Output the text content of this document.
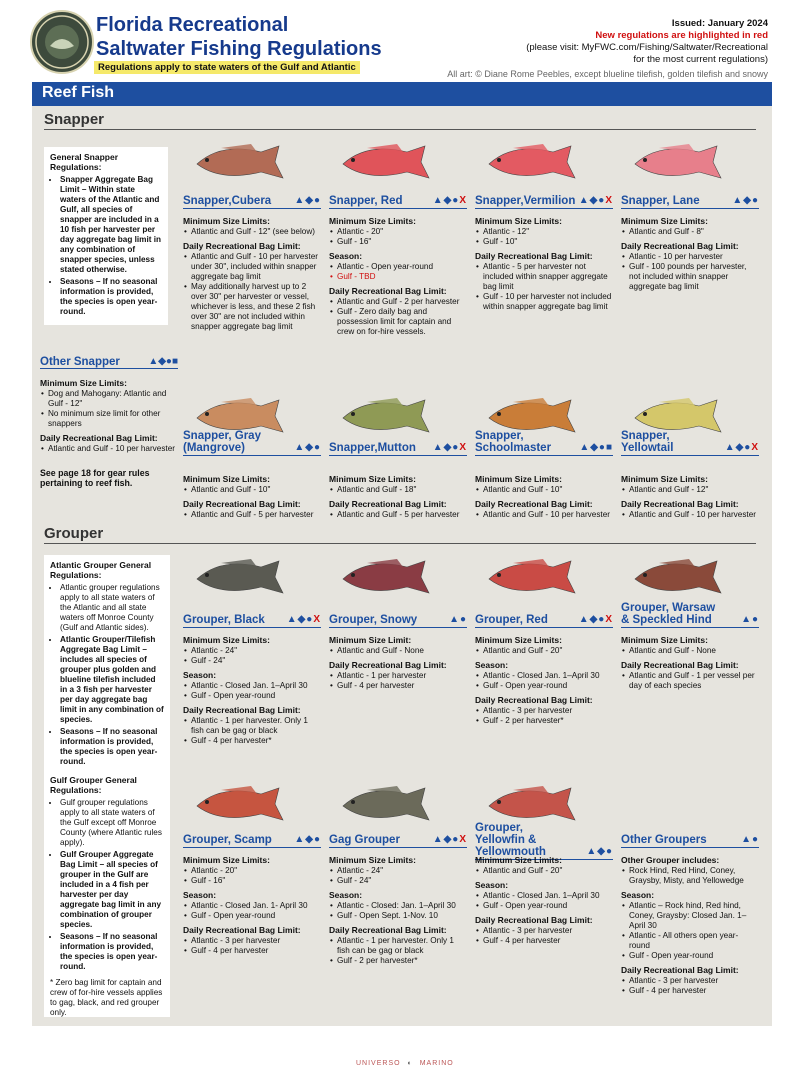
Florida Recreational
Saltwater Fishing Regulations
Regulations apply to state waters of the Gulf and Atlantic
Issued: January 2024
New regulations are highlighted in red
(please visit: MyFWC.com/Fishing/Saltwater/Recreational
for the most current regulations)
All art: © Diane Rome Peebles, except blueline tilefish, golden tilefish and snowy
Reef Fish
Snapper
General Snapper Regulations:
• Snapper Aggregate Bag Limit – Within state waters of the Atlantic and Gulf, all species of snapper are included in a 10 fish per harvester per day aggregate bag limit in any combination of snapper species, unless stated otherwise.
• Seasons – If no seasonal information is provided, the species is open year-round.
Other Snapper	▲◆●■
Minimum Size Limits:
• Dog and Mahogany: Atlantic and Gulf - 12"
• No minimum size limit for other snappers
Daily Recreational Bag Limit:
• Atlantic and Gulf - 10 per harvester
See page 18 for gear rules pertaining to reef fish.
Grouper
Atlantic Grouper General Regulations:
• Atlantic grouper regulations apply to all state waters of the Atlantic and all state waters off Monroe County (Gulf and Atlantic sides).
• Atlantic Grouper/Tilefish Aggregate Bag Limit – includes all species of grouper plus golden and blueline tilefish included in a 3 fish per harvester per day aggregate bag limit in any combination of species.
• Seasons – If no seasonal information is provided, the species is open year-round.
Gulf Grouper General Regulations:
• Gulf grouper regulations apply to all state waters of the Gulf except off Monroe County (where Atlantic rules apply).
• Gulf Grouper Aggregate Bag Limit – all species of grouper in the Gulf are included in a 4 fish per harvester per day aggregate bag limit in any combination of grouper species.
• Seasons – If no seasonal information is provided, the species is open year-round.
* Zero bag limit for captain and crew of for-hire vessels applies to gag, black, and red grouper only.
Snapper,Cubera ▲◆●
Minimum Size Limits:
• Atlantic and Gulf - 12" (see below)
Daily Recreational Bag Limit:
• Atlantic and Gulf - 10 per harvester under 30", included within snapper aggregate bag limit
• May additionally harvest up to 2 over 30" per harvester or vessel, whichever is less, and these 2 fish over 30" are not included within snapper aggregate bag limit
Snapper, Red	▲◆●X
Minimum Size Limits:
• Atlantic - 20"
• Gulf - 16"
Season:
• Atlantic - Open year-round
• Gulf - TBD
Daily Recreational Bag Limit:
• Atlantic and Gulf - 2 per harvester
• Gulf - Zero daily bag and possession limit for captain and crew on for-hire vessels.
Snapper,Vermilion ▲◆●X
Minimum Size Limits:
• Atlantic - 12"
• Gulf - 10"
Daily Recreational Bag Limit:
• Atlantic - 5 per harvester not included within snapper aggregate bag limit
• Gulf - 10 per harvester not included within snapper aggregate bag limit
Snapper, Lane	▲◆●
Minimum Size Limits:
• Atlantic and Gulf - 8"
Daily Recreational Bag Limit:
• Atlantic - 10 per harvester
• Gulf - 100 pounds per harvester, not included within snapper aggregate bag limit
Snapper, Gray (Mangrove)	▲◆●
Minimum Size Limits:
• Atlantic and Gulf - 10"
Daily Recreational Bag Limit:
• Atlantic and Gulf - 5 per harvester
Snapper,Mutton ▲◆●X
Minimum Size Limits:
• Atlantic and Gulf - 18"
Daily Recreational Bag Limit:
• Atlantic and Gulf - 5 per harvester
Snapper, Schoolmaster	▲◆●■
Minimum Size Limits:
• Atlantic and Gulf - 10"
Daily Recreational Bag Limit:
• Atlantic and Gulf - 10 per harvester
Snapper, Yellowtail	▲◆●X
Minimum Size Limits:
• Atlantic and Gulf - 12"
Daily Recreational Bag Limit:
• Atlantic and Gulf - 10 per harvester
Grouper, Black ▲◆●X
Minimum Size Limits:
• Atlantic - 24"
• Gulf - 24"
Season:
• Atlantic - Closed Jan. 1–April 30
• Gulf - Open year-round
Daily Recreational Bag Limit:
• Atlantic - 1 per harvester. Only 1 fish can be gag or black
• Gulf - 4 per harvester*
Grouper, Snowy	▲●
Minimum Size Limit:
• Atlantic and Gulf - None
Daily Recreational Bag Limit:
• Atlantic - 1 per harvester
• Gulf - 4 per harvester
Grouper, Red	▲◆●X
Minimum Size Limits:
• Atlantic and Gulf - 20"
Season:
• Atlantic - Closed Jan. 1–April 30
• Gulf - Open year-round
Daily Recreational Bag Limit:
• Atlantic - 3 per harvester
• Gulf - 2 per harvester*
Grouper, Warsaw & Speckled Hind	▲●
Minimum Size Limits:
• Atlantic and Gulf - None
Daily Recreational Bag Limit:
• Atlantic and Gulf - 1 per vessel per day of each species
Grouper, Scamp ▲◆●
Minimum Size Limits:
• Atlantic - 20"
• Gulf - 16"
Season:
• Atlantic - Closed Jan. 1- April 30
• Gulf - Open year-round
Daily Recreational Bag Limit:
• Atlantic - 3 per harvester
• Gulf - 4 per harvester
Gag Grouper	▲◆●X
Minimum Size Limits:
• Atlantic - 24"
• Gulf - 24"
Season:
• Atlantic - Closed: Jan. 1–April 30
• Gulf - Open Sept. 1-Nov. 10
Daily Recreational Bag Limit:
• Atlantic - 1 per harvester. Only 1 fish can be gag or black
• Gulf - 2 per harvester*
Grouper, Yellowfin & Yellowmouth	▲◆●
Minimum Size Limits:
• Atlantic and Gulf - 20"
Season:
• Atlantic - Closed Jan. 1–April 30
• Gulf - Open year-round
Daily Recreational Bag Limit:
• Atlantic - 3 per harvester
• Gulf - 4 per harvester
Other Groupers	▲●
Other Grouper includes:
• Rock Hind, Red Hind, Coney, Graysby, Misty, and Yellowedge
Season:
• Atlantic – Rock hind, Red hind, Coney, Graysby: Closed Jan. 1–April 30
• Atlantic - All others open year-round
• Gulf - Open year-round
Daily Recreational Bag Limit:
• Atlantic - 3 per harvester
• Gulf - 4 per harvester
UNIVERSO ◐ MARINO
